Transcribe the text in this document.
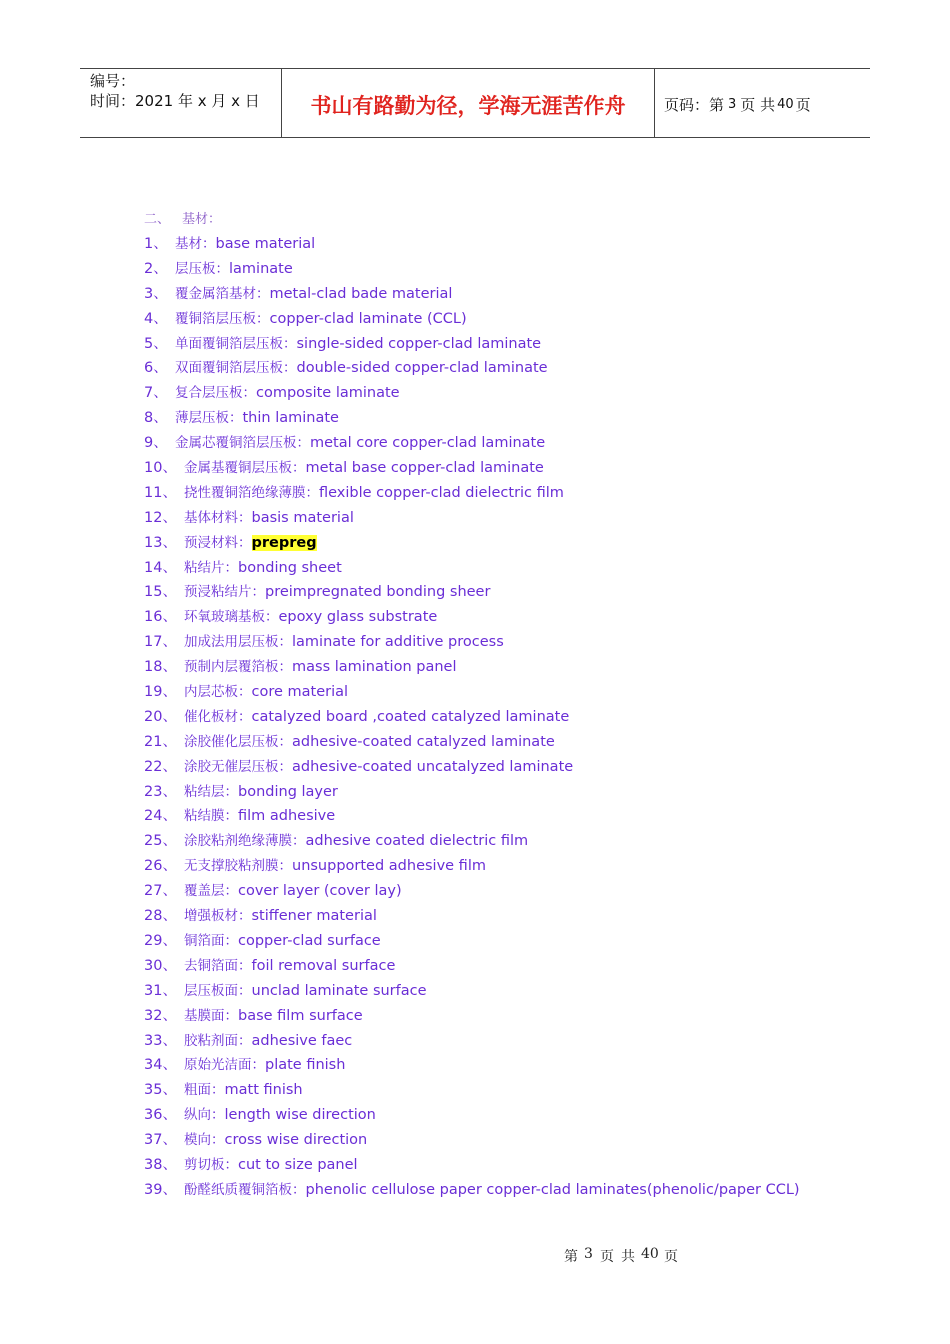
编号：
时间：2021 年 x 月 x 日	书山有路勤为径，学海无涯苦作舟	页码：第 3 页 共 40 页
二、 基材：
1、 基材：base material
2、 层压板：laminate
3、 覆金属箔基材：metal-clad bade material
4、 覆铜箔层压板：copper-clad laminate (CCL)
5、 单面覆铜箔层压板：single-sided copper-clad laminate
6、 双面覆铜箔层压板：double-sided copper-clad laminate
7、 复合层压板：composite laminate
8、 薄层压板：thin laminate
9、 金属芯覆铜箔层压板：metal core copper-clad laminate
10、 金属基覆铜层压板：metal base copper-clad laminate
11、 挠性覆铜箔绝缘薄膜：flexible copper-clad dielectric film
12、 基体材料：basis material
13、 预浸材料：prepreg
14、 粘结片：bonding sheet
15、 预浸粘结片：preimpregnated bonding sheer
16、 环氧玻璃基板：epoxy glass substrate
17、 加成法用层压板：laminate for additive process
18、 预制内层覆箔板：mass lamination panel
19、 内层芯板：core material
20、 催化板材：catalyzed board ,coated catalyzed laminate
21、 涂胶催化层压板：adhesive-coated catalyzed laminate
22、 涂胶无催层压板：adhesive-coated uncatalyzed laminate
23、 粘结层：bonding layer
24、 粘结膜：film adhesive
25、 涂胶粘剂绝缘薄膜：adhesive coated dielectric film
26、 无支撑胶粘剂膜：unsupported adhesive film
27、 覆盖层：cover layer (cover lay)
28、 增强板材：stiffener material
29、 铜箔面：copper-clad surface
30、 去铜箔面：foil removal surface
31、 层压板面：unclad laminate surface
32、 基膜面：base film surface
33、 胶粘剂面：adhesive faec
34、 原始光洁面：plate finish
35、 粗面：matt finish
36、 纵向：length wise direction
37、 模向：cross wise direction
38、 剪切板：cut to size panel
39、 酚醛纸质覆铜箔板：phenolic cellulose paper copper-clad laminates(phenolic/paper CCL)
第 3 页 共 40 页
